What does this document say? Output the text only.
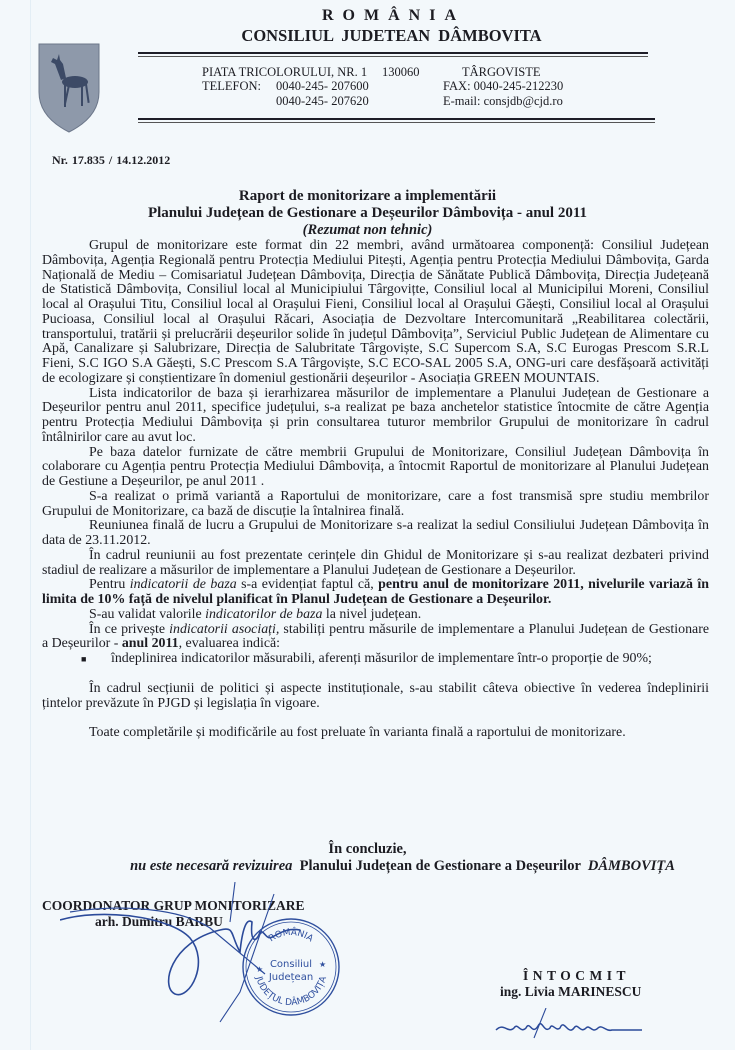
ROMÂNIA
CONSILIUL JUDETEAN DÂMBOVITA
PIATA TRICOLORULUI, NR. 1 130060	TÂRGOVISTE
TELEFON: 0040-245- 207600	FAX: 0040-245-212230
0040-245- 207620	E-mail: consjdb@cjd.ro
Nr. 17.835 / 14.12.2012
Raport de monitorizare a implementării
Planului Județean de Gestionare a Deșeurilor Dâmbovița - anul 2011
(Rezumat non tehnic)

Grupul de monitorizare este format din 22 membri, având următoarea componență: Consiliul Județean Dâmbovița, Agenția Regională pentru Protecția Mediului Pitești, Agenția pentru Protecția Mediului Dâmbovița, Garda Națională de Mediu – Comisariatul Județean Dâmbovița, Direcția de Sănătate Publică Dâmbovița, Direcția Județeană de Statistică Dâmbovița, Consiliul local al Municipiului Târgovițte, Consiliul local al Municipilui Moreni, Consiliul local al Orașului Titu, Consiliul local al Orașului Fieni, Consiliul local al Orașului Găești, Consiliul local al Orașului Pucioasa, Consiliul local al Orașului Răcari, Asociația de Dezvoltare Intercomunitară „Reabilitarea colectării, transportului, tratării și prelucrării deșeurilor solide în județul Dâmbovița”, Serviciul Public Județean de Alimentare cu Apă, Canalizare și Salubrizare, Direcția de Salubritate Târgoviște, S.C Supercom S.A, S.C Eurogas Prescom S.R.L Fieni, S.C IGO S.A Găești, S.C Prescom S.A Târgoviște, S.C ECO-SAL 2005 S.A, ONG-uri care desfășoară activități de ecologizare și conștientizare în domeniul gestionării deșeurilor - Asociația GREEN MOUNTAIS.

Lista indicatorilor de baza și ierarhizarea măsurilor de implementare a Planului Județean de Gestionare a Deșeurilor pentru anul 2011, specifice județului, s-a realizat pe baza anchetelor statistice întocmite de către Agenția pentru Protecția Mediului Dâmbovița și prin consultarea tuturor membrilor Grupului de monitorizare în cadrul întâlnirilor care au avut loc.

Pe baza datelor furnizate de către membrii Grupului de Monitorizare, Consiliul Județean Dâmbovița în colaborare cu Agenția pentru Protecția Mediului Dâmbovița, a întocmit Raportul de monitorizare al Planului Județean de Gestiune a Deșeurilor, pe anul 2011 .

S-a realizat o primă variantă a Raportului de monitorizare, care a fost transmisă spre studiu membrilor Grupului de Monitorizare, ca bază de discuție la întalnirea finală.

Reuniunea finală de lucru a Grupului de Monitorizare s-a realizat la sediul Consiliului Județean Dâmbovița în data de 23.11.2012.

În cadrul reuniunii au fost prezentate cerințele din Ghidul de Monitorizare și s-au realizat dezbateri privind stadiul de realizare a măsurilor de implementare a Planului Județean de Gestionare a Deșeurilor.

Pentru indicatorii de baza s-a evidențiat faptul că, pentru anul de monitorizare 2011, nivelurile variază în limita de 10% față de nivelul planificat în Planul Județean de Gestionare a Deșeurilor.

S-au validat valorile indicatorilor de baza la nivel județean.

În ce privește indicatorii asociați, stabiliți pentru măsurile de implementare a Planului Județean de Gestionare a Deșeurilor - anul 2011, evaluarea indică:

■	îndeplinirea indicatorilor măsurabili, aferenți măsurilor de implementare într-o proporție de 90%;

În cadrul secțiunii de politici și aspecte instituționale, s-au stabilit câteva obiective în vederea îndeplinirii țintelor prevăzute în PJGD și legislația în vigoare.

Toate completările și modificările au fost preluate în varianta finală a raportului de monitorizare.

În concluzie,
nu este necesară revizuirea  Planului Județean de Gestionare a Deșeurilor  DÂMBOVIȚA
COORDONATOR GRUP MONITORIZARE
arh. Dumitru BARBU
ROMÂNIA
JUDEȚUL DÂMBOVIȚA
Consiliul
Județean
★
★
ÎNTOCMIT
ing. Livia MARINESCU
